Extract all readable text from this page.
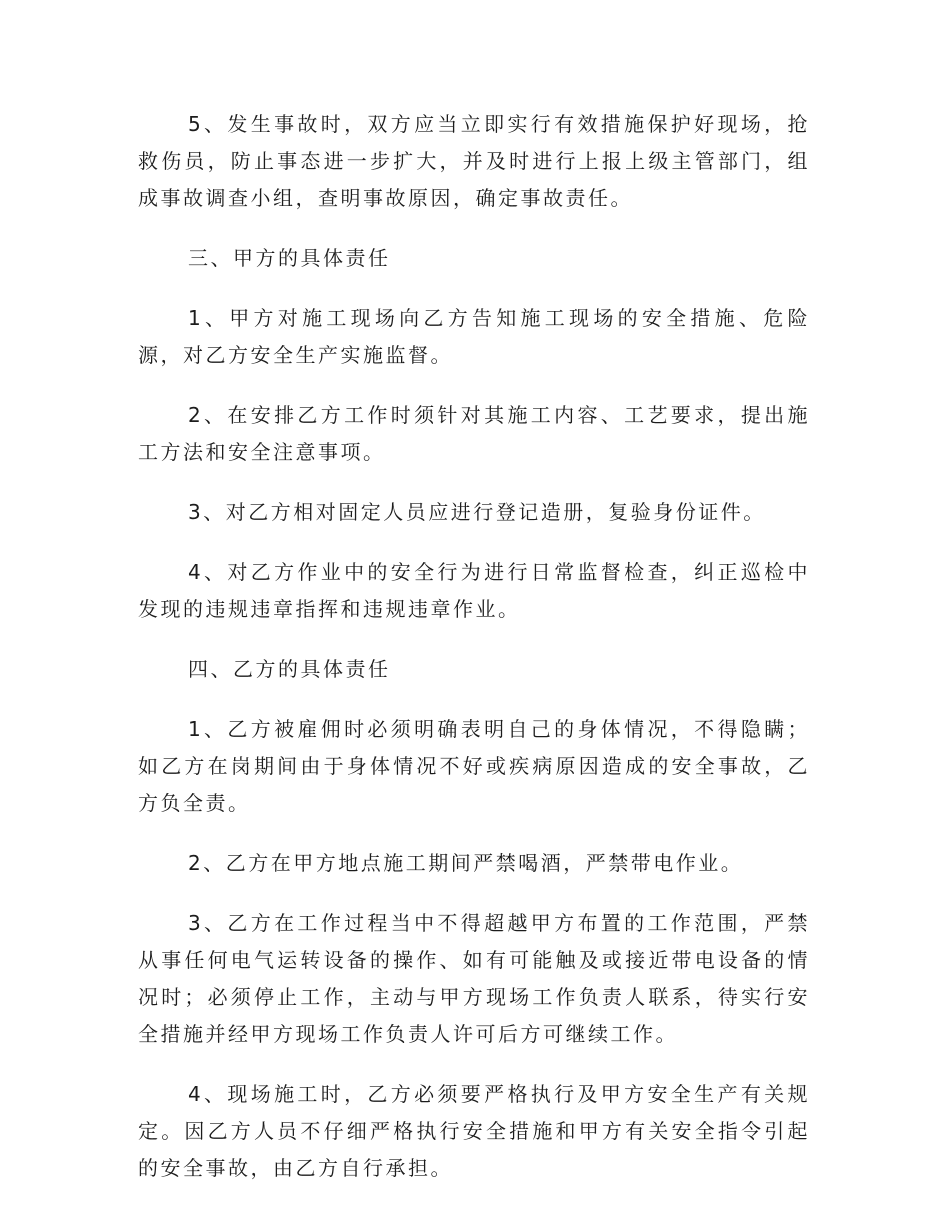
5、发生事故时，双方应当立即实行有效措施保护好现场，抢救伤员，防止事态进一步扩大，并及时进行上报上级主管部门，组成事故调查小组，查明事故原因，确定事故责任。

三、甲方的具体责任

1、甲方对施工现场向乙方告知施工现场的安全措施、危险源，对乙方安全生产实施监督。

2、在安排乙方工作时须针对其施工内容、工艺要求，提出施工方法和安全注意事项。

3、对乙方相对固定人员应进行登记造册，复验身份证件。

4、对乙方作业中的安全行为进行日常监督检查，纠正巡检中发现的违规违章指挥和违规违章作业。

四、乙方的具体责任

1、乙方被雇佣时必须明确表明自己的身体情况，不得隐瞒；如乙方在岗期间由于身体情况不好或疾病原因造成的安全事故，乙方负全责。

2、乙方在甲方地点施工期间严禁喝酒，严禁带电作业。

3、乙方在工作过程当中不得超越甲方布置的工作范围，严禁从事任何电气运转设备的操作、如有可能触及或接近带电设备的情况时；必须停止工作，主动与甲方现场工作负责人联系，待实行安全措施并经甲方现场工作负责人许可后方可继续工作。

4、现场施工时，乙方必须要严格执行及甲方安全生产有关规定。因乙方人员不仔细严格执行安全措施和甲方有关安全指令引起的安全事故，由乙方自行承担。
